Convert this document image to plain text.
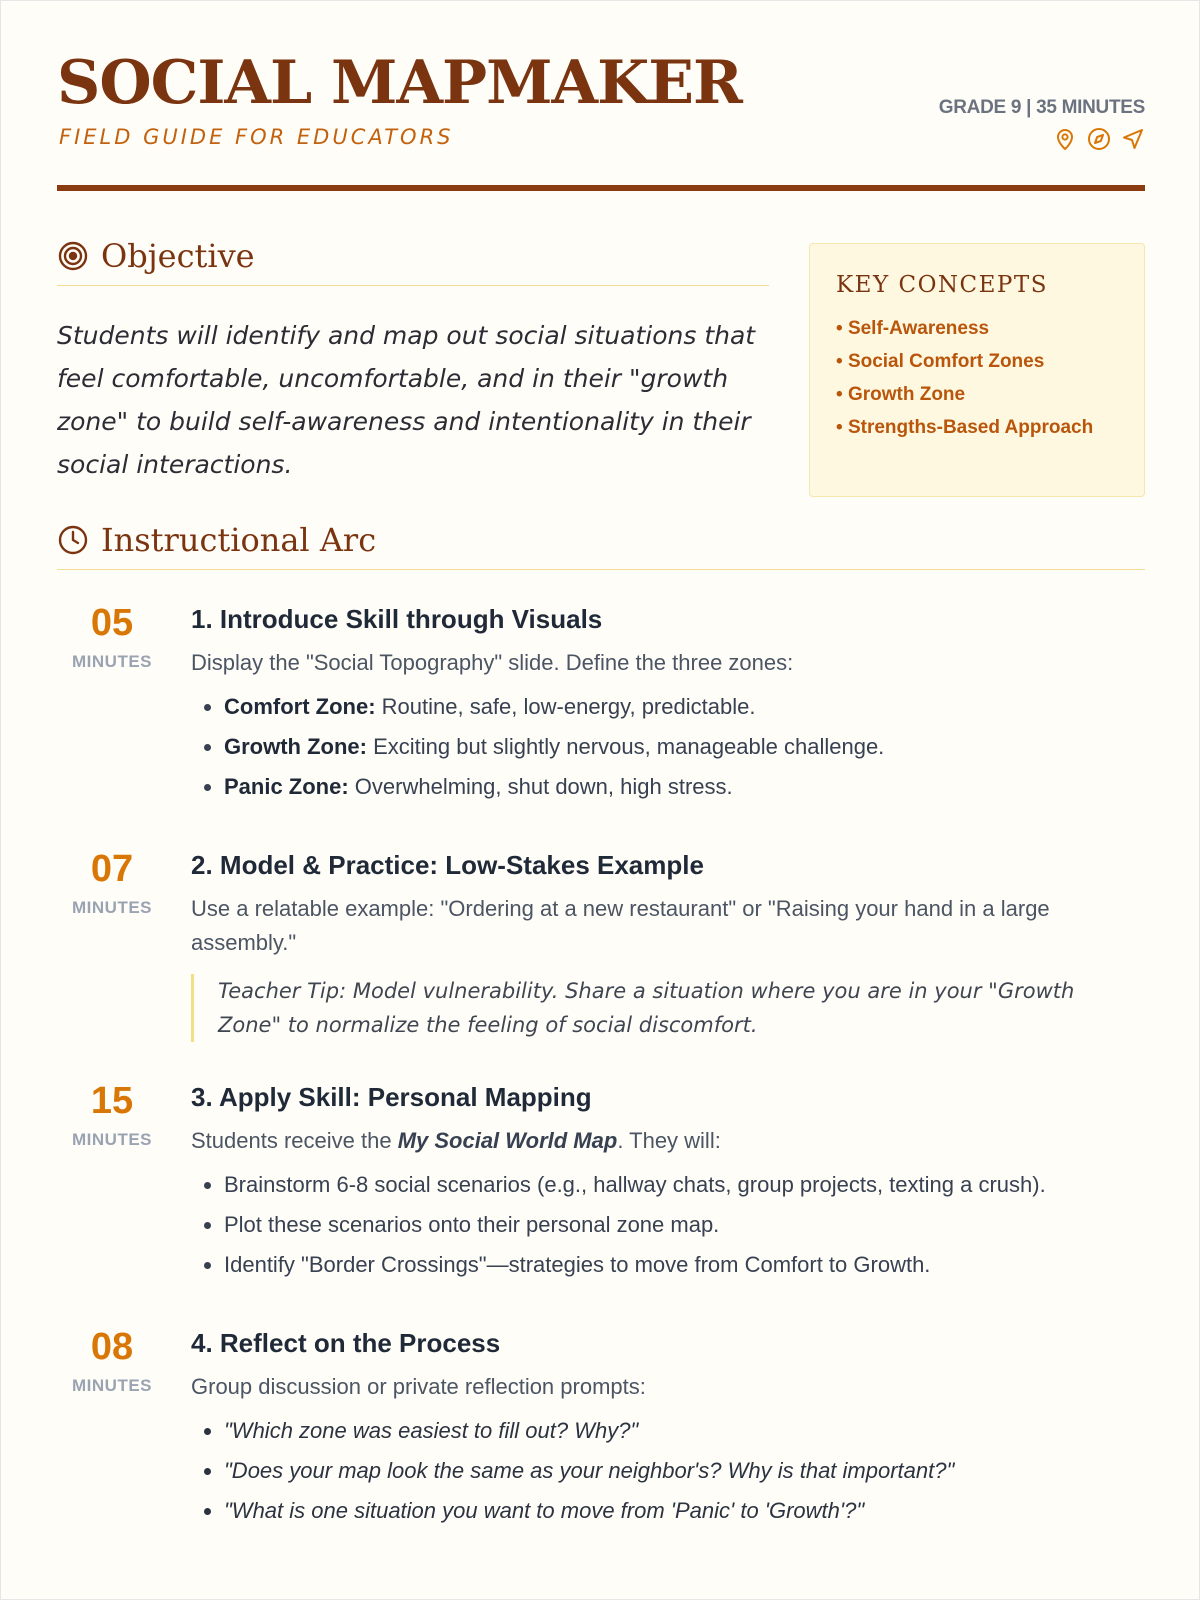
SOCIAL MAPMAKER
FIELD GUIDE FOR EDUCATORS
GRADE 9 | 35 MINUTES
Objective
Students will identify and map out social situations that feel comfortable, uncomfortable, and in their "growth zone" to build self-awareness and intentionality in their social interactions.
KEY CONCEPTS
• Self-Awareness
• Social Comfort Zones
• Growth Zone
• Strengths-Based Approach
Instructional Arc
05
MINUTES
1. Introduce Skill through Visuals
Display the "Social Topography" slide. Define the three zones:
• Comfort Zone: Routine, safe, low-energy, predictable.
• Growth Zone: Exciting but slightly nervous, manageable challenge.
• Panic Zone: Overwhelming, shut down, high stress.
07
MINUTES
2. Model & Practice: Low-Stakes Example
Use a relatable example: "Ordering at a new restaurant" or "Raising your hand in a large assembly."
Teacher Tip: Model vulnerability. Share a situation where you are in your "Growth Zone" to normalize the feeling of social discomfort.
15
MINUTES
3. Apply Skill: Personal Mapping
Students receive the My Social World Map. They will:
• Brainstorm 6-8 social scenarios (e.g., hallway chats, group projects, texting a crush).
• Plot these scenarios onto their personal zone map.
• Identify "Border Crossings"—strategies to move from Comfort to Growth.
08
MINUTES
4. Reflect on the Process
Group discussion or private reflection prompts:
• "Which zone was easiest to fill out? Why?"
• "Does your map look the same as your neighbor's? Why is that important?"
• "What is one situation you want to move from 'Panic' to 'Growth'?"
